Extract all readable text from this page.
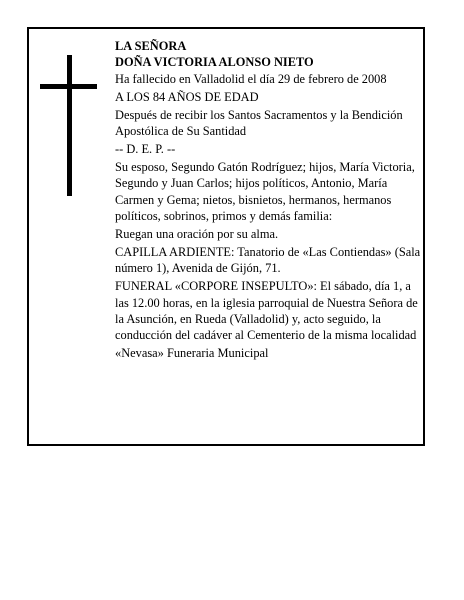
LA SEÑORA
DOÑA VICTORIA ALONSO NIETO

Ha fallecido en Valladolid el día 29 de febrero de 2008

A LOS 84 AÑOS DE EDAD

Después de recibir los Santos Sacramentos y la Bendición Apostólica de Su Santidad

-- D. E. P. --

Su esposo, Segundo Gatón Rodríguez; hijos, María Victoria, Segundo y Juan Carlos; hijos políticos, Antonio, María Carmen y Gema; nietos, bisnietos, hermanos, hermanos políticos, sobrinos, primos y demás familia:

Ruegan una oración por su alma.

CAPILLA ARDIENTE: Tanatorio de «Las Contiendas» (Sala número 1), Avenida de Gijón, 71.

FUNERAL «CORPORE INSEPULTO»: El sábado, día 1, a las 12.00 horas, en la iglesia parroquial de Nuestra Señora de la Asunción, en Rueda (Valladolid) y, acto seguido, la conducción del cadáver al Cementerio de la misma localidad

«Nevasa» Funeraria Municipal
